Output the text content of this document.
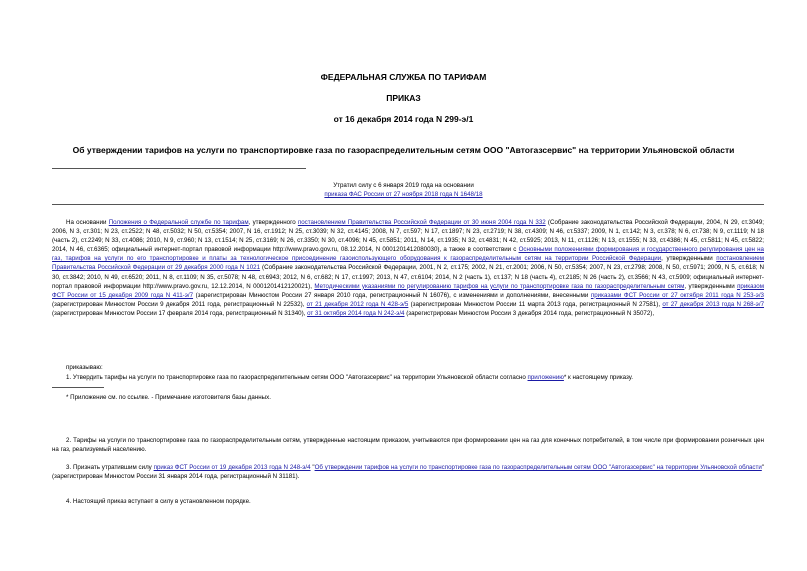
ФЕДЕРАЛЬНАЯ СЛУЖБА ПО ТАРИФАМ
ПРИКАЗ
от 16 декабря 2014 года N 299-э/1
Об утверждении тарифов на услуги по транспортировке газа по газораспределительным сетям ООО "Автогазсервис" на территории Ульяновской области
Утратил силу с 6 января 2019 года на основании
приказа ФАС России от 27 ноября 2018 года N 1648/18
На основании Положения о Федеральной службе по тарифам, утвержденного постановлением Правительства Российской Федерации от 30 июня 2004 года N 332 (Собрание законодательства Российской Федерации, 2004, N 29, ст.3049; 2006, N 3, ст.301; N 23, ст.2522; N 48, ст.5032; N 50, ст.5354; 2007, N 16, ст.1912; N 25, ст.3039; N 32, ст.4145; 2008, N 7, ст.597; N 17, ст.1897; N 23, ст.2719; N 38, ст.4309; N 46, ст.5337; 2009, N 1, ст.142; N 3, ст.378; N 6, ст.738; N 9, ст.1119; N 18 (часть 2), ст.2249; N 33, ст.4086; 2010, N 9, ст.960; N 13, ст.1514; N 25, ст.3169; N 26, ст.3350; N 30, ст.4096; N 45, ст.5851; 2011, N 14, ст.1935; N 32, ст.4831; N 42, ст.5925; 2013, N 11, ст.1126; N 13, ст.1555; N 33, ст.4386; N 45, ст.5811; N 45, ст.5822; 2014, N 46, ст.6365; официальный интернет-портал правовой информации http://www.pravo.gov.ru, 08.12.2014, N 0001201412080030), а также в соответствии с Основными положениями формирования и государственного регулирования цен на газ, тарифов на услуги по его транспортировке и платы за технологическое присоединение газоиспользующего оборудования к газораспределительным сетям на территории Российской Федерации, утвержденными постановлением Правительства Российской Федерации от 29 декабря 2000 года N 1021 (Собрание законодательства Российской Федерации, 2001, N 2, ст.175; 2002, N 21, ст.2001; 2006, N 50, ст.5354; 2007, N 23, ст.2798; 2008, N 50, ст.5971; 2009, N 5, ст.618; N 30, ст.3842; 2010, N 49, ст.6520; 2011, N 8, ст.1109; N 35, ст.5078; N 48, ст.6943; 2012, N 6, ст.682; N 17, ст.1997; 2013, N 47, ст.6104; 2014, N 2 (часть 1), ст.137; N 18 (часть 4), ст.2185; N 26 (часть 2), ст.3566; N 43, ст.5909; официальный интернет-портал правовой информации http://www.pravo.gov.ru, 12.12.2014, N 0001201412120021), Методическими указаниями по регулированию тарифов на услуги по транспортировке газа по газораспределительным сетям, утвержденными приказом ФСТ России от 15 декабря 2009 года N 411-э/7 (зарегистрирован Минюстом России 27 января 2010 года, регистрационный N 16076), с изменениями и дополнениями, внесенными приказами ФСТ России от 27 октября 2011 года N 253-э/3 (зарегистрирован Минюстом России 9 декабря 2011 года, регистрационный N 22532), от 21 декабря 2012 года N 428-э/5 (зарегистрирован Минюстом России 11 марта 2013 года, регистрационный N 27581), от 27 декабря 2013 года N 268-э/7 (зарегистрирован Минюстом России 17 февраля 2014 года, регистрационный N 31340), от 31 октября 2014 года N 242-э/4 (зарегистрирован Минюстом России 3 декабря 2014 года, регистрационный N 35072),
приказываю:
1. Утвердить тарифы на услуги по транспортировке газа по газораспределительным сетям ООО "Автогазсервис" на территории Ульяновской области согласно приложению* к настоящему приказу.
* Приложение см. по ссылке. - Примечание изготовителя базы данных.
2. Тарифы на услуги по транспортировке газа по газораспределительным сетям, утвержденные настоящим приказом, учитываются при формировании цен на газ для конечных потребителей, в том числе при формировании розничных цен на газ, реализуемый населению.
3. Признать утратившим силу приказ ФСТ России от 19 декабря 2013 года N 248-э/4 "Об утверждении тарифов на услуги по транспортировке газа по газораспределительным сетям ООО "Автогазсервис" на территории Ульяновской области" (зарегистрирован Минюстом России 31 января 2014 года, регистрационный N 31181).
4. Настоящий приказ вступает в силу в установленном порядке.
